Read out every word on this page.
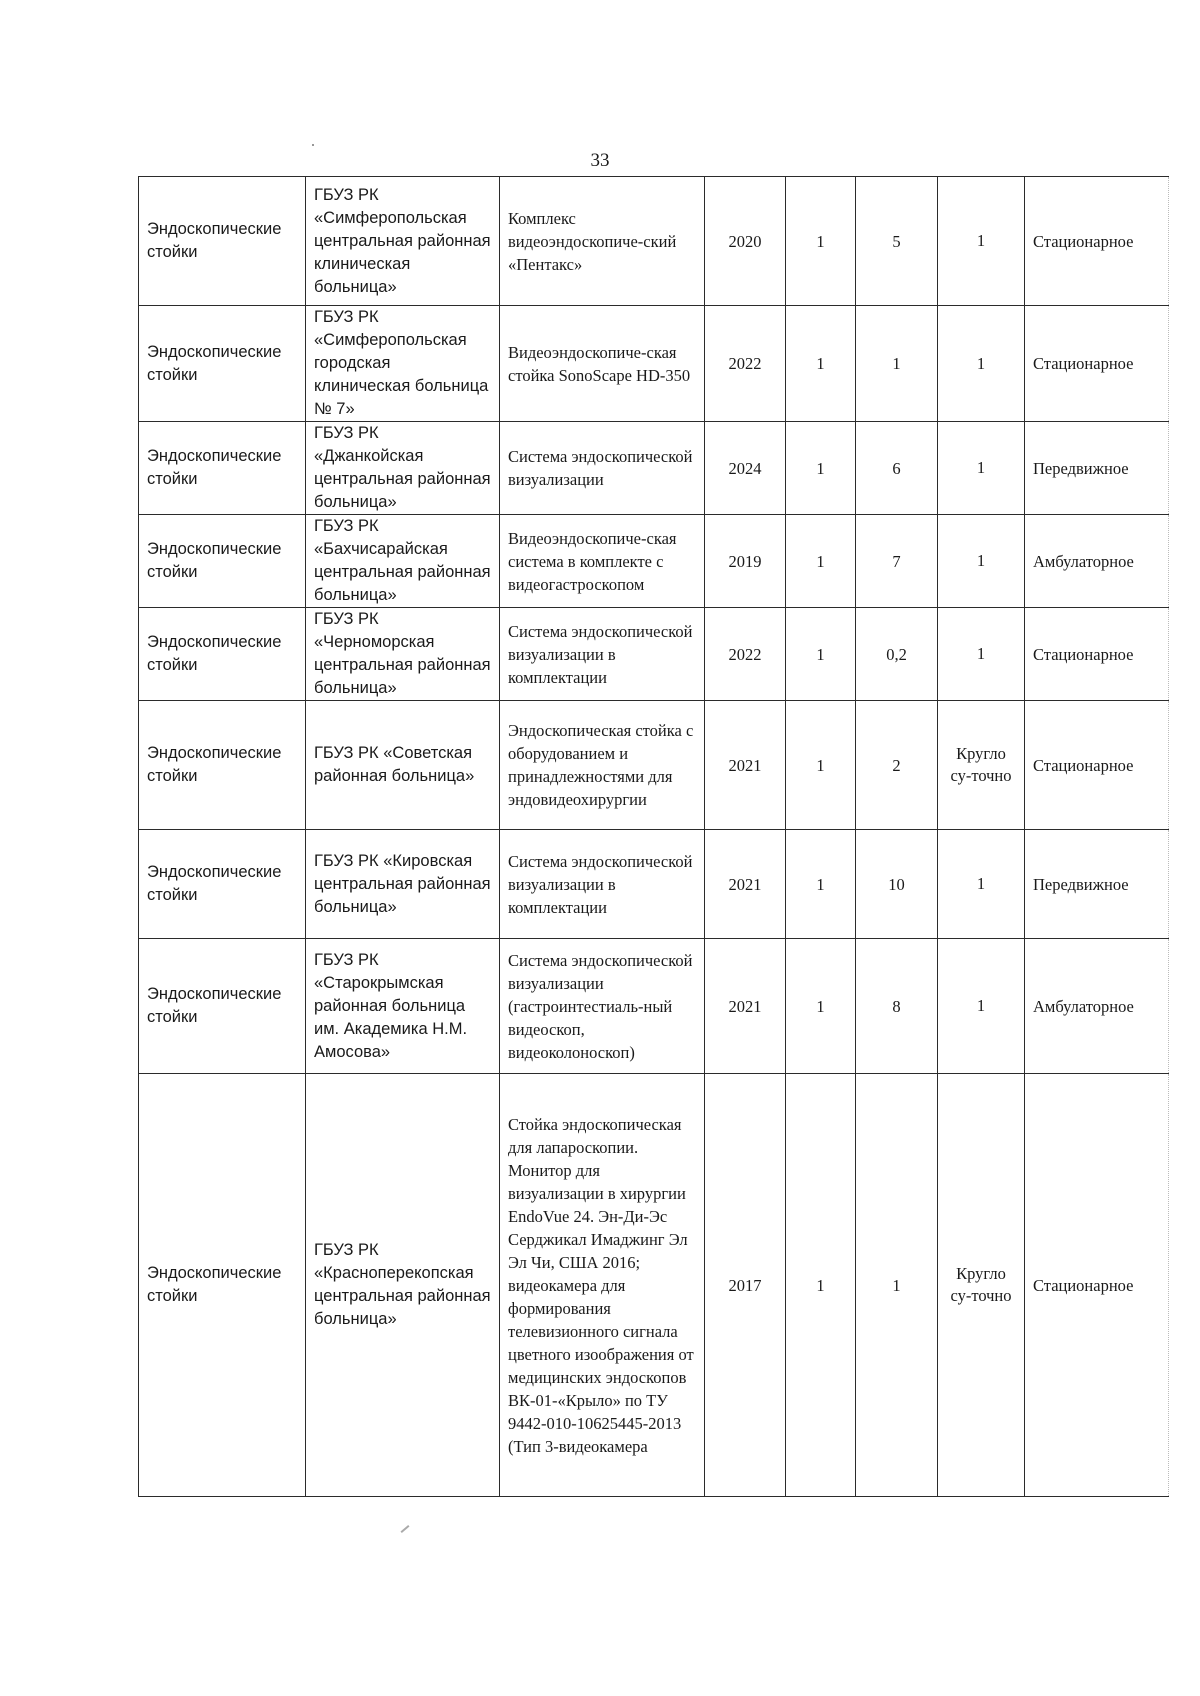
33
Эндоскопические стойки	ГБУЗ РК «Симферопольская центральная районная клиническая больница»	Комплекс видеоэндоскопиче-ский «Пентакс»	2020	1	5	1	Стационарное
Эндоскопические стойки	ГБУЗ РК «Симферопольская городская клиническая больница № 7»	Видеоэндоскопиче-ская стойка SonoScape HD-350	2022	1	1	1	Стационарное
Эндоскопические стойки	ГБУЗ РК «Джанкойская центральная районная больница»	Система эндоскопической визуализации	2024	1	6	1	Передвижное
Эндоскопические стойки	ГБУЗ РК «Бахчисарайская центральная районная больница»	Видеоэндоскопиче-ская система в комплекте с видеогастроскопом	2019	1	7	1	Амбулаторное
Эндоскопические стойки	ГБУЗ РК «Черноморская центральная районная больница»	Система эндоскопической визуализации в комплектации	2022	1	0,2	1	Стационарное
Эндоскопические стойки	ГБУЗ РК «Советская районная больница»	Эндоскопическая стойка с оборудованием и принадлежностями для эндовидеохирургии	2021	1	2	Кругло су-точно	Стационарное
Эндоскопические стойки	ГБУЗ РК «Кировская центральная районная больница»	Система эндоскопической визуализации в комплектации	2021	1	10	1	Передвижное
Эндоскопические стойки	ГБУЗ РК «Старокрымская районная больница им. Академика Н.М. Амосова»	Система эндоскопической визуализации (гастроинтестиаль-ный видеоскоп, видеоколоноскоп)	2021	1	8	1	Амбулаторное
Эндоскопические стойки	ГБУЗ РК «Красноперекопская центральная районная больница»	Стойка эндоскопическая для лапароскопии. Монитор для визуализации в хирургии EndoVue 24. Эн-Ди-Эс Серджикал Имаджинг Эл Эл Чи, США 2016; видеокамера для формирования телевизионного сигнала цветного изоображения от медицинских эндоскопов ВК-01-«Крыло» по ТУ 9442-010-10625445-2013 (Тип 3-видеокамера	2017	1	1	Кругло су-точно	Стационарное
